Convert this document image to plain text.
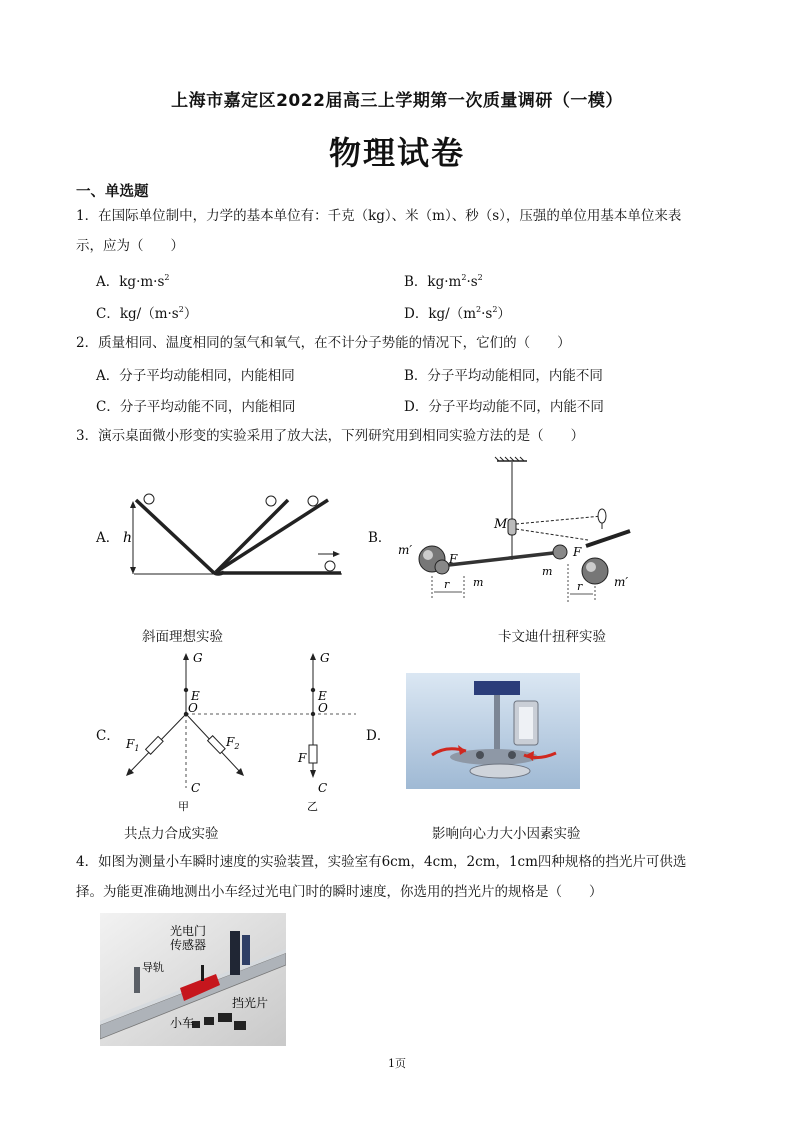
上海市嘉定区2022届高三上学期第一次质量调研（一模）
物理试卷
一、单选题
1．在国际单位制中，力学的基本单位有：千克（kg）、米（m）、秒（s），压强的单位用基本单位来表
示，应为（　　）
A．$kg\cdot m\cdot s^2$	B．$kg\cdot m^2\cdot s^2$
C．$kg/(m\cdot s^2)$	D．$kg/(m^2\cdot s^2)$
2．质量相同、温度相同的氢气和氧气，在不计分子势能的情况下，它们的（　　）
A．分子平均动能相同，内能相同	B．分子平均动能相同，内能不同
C．分子平均动能不同，内能相同	D．分子平均动能不同，内能不同
3．演示桌面微小形变的实验采用了放大法，下列研究用到相同实验方法的是（　　）
A． h
斜面理想实验
B．
M
m′
m′
F	F
m
m
r	r
卡文迪什扭秤实验
C．
G
E
O
C
$F_1$	$F_2$
甲
G
E
O
F
C
乙
共点力合成实验
D．
影响向心力大小因素实验
4．如图为测量小车瞬时速度的实验装置，实验室有6cm，4cm，2cm，1cm四种规格的挡光片可供选
择。为能更准确地测出小车经过光电门时的瞬时速度，你选用的挡光片的规格是（　　）
光电门
传感器
导轨
挡光片
小车
1页
